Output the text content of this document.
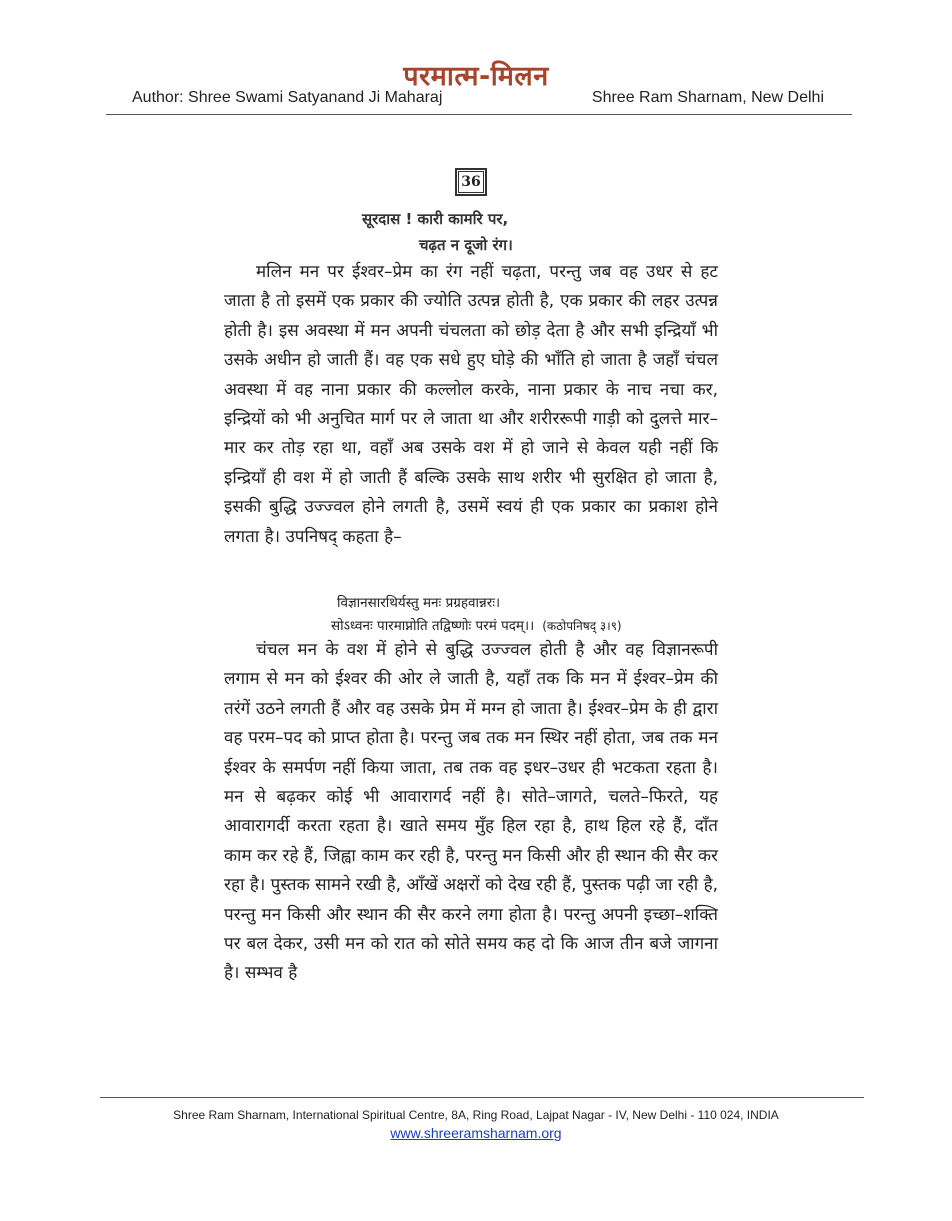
परमात्म-मिलन
Author: Shree Swami Satyanand Ji Maharaj	Shree Ram Sharnam, New Delhi
36
सूरदास ! कारी कामरि पर,
चढ़त न दूजो रंग।

मलिन मन पर ईश्वर–प्रेम का रंग नहीं चढ़ता, परन्तु जब वह उधर से हट जाता है तो इसमें एक प्रकार की ज्योति उत्पन्न होती है, एक प्रकार की लहर उत्पन्न होती है। इस अवस्था में मन अपनी चंचलता को छोड़ देता है और सभी इन्द्रियाँ भी उसके अधीन हो जाती हैं। वह एक सधे हुए घोड़े की भाँति हो जाता है जहाँ चंचल अवस्था में वह नाना प्रकार की कल्लोल करके, नाना प्रकार के नाच नचा कर, इन्द्रियों को भी अनुचित मार्ग पर ले जाता था और शरीररूपी गाड़ी को दुलत्ते मार–मार कर तोड़ रहा था, वहाँ अब उसके वश में हो जाने से केवल यही नहीं कि इन्द्रियाँ ही वश में हो जाती हैं बल्कि उसके साथ शरीर भी सुरक्षित हो जाता है, इसकी बुद्धि उज्ज्वल होने लगती है, उसमें स्वयं ही एक प्रकार का प्रकाश होने लगता है। उपनिषद् कहता है–

विज्ञानसारथिर्यस्तु मनः प्रग्रहवान्नरः।
सोऽध्वनः पारमाप्नोति तद्विष्णोः परमं पदम्।। (कठोपनिषद् ३।९)

चंचल मन के वश में होने से बुद्धि उज्ज्वल होती है और वह विज्ञानरूपी लगाम से मन को ईश्वर की ओर ले जाती है, यहाँ तक कि मन में ईश्वर–प्रेम की तरंगें उठने लगती हैं और वह उसके प्रेम में मग्न हो जाता है। ईश्वर–प्रेम के ही द्वारा वह परम–पद को प्राप्त होता है। परन्तु जब तक मन स्थिर नहीं होता, जब तक मन ईश्वर के समर्पण नहीं किया जाता, तब तक वह इधर–उधर ही भटकता रहता है। मन से बढ़कर कोई भी आवारागर्द नहीं है। सोते–जागते, चलते–फिरते, यह आवारागर्दी करता रहता है। खाते समय मुँह हिल रहा है, हाथ हिल रहे हैं, दाँत काम कर रहे हैं, जिह्वा काम कर रही है, परन्तु मन किसी और ही स्थान की सैर कर रहा है। पुस्तक सामने रखी है, आँखें अक्षरों को देख रही हैं, पुस्तक पढ़ी जा रही है, परन्तु मन किसी और स्थान की सैर करने लगा होता है। परन्तु अपनी इच्छा–शक्ति पर बल देकर, उसी मन को रात को सोते समय कह दो कि आज तीन बजे जागना है। सम्भव है

Shree Ram Sharnam, International Spiritual Centre, 8A, Ring Road, Lajpat Nagar - IV, New Delhi - 110 024, INDIA
www.shreeramsharnam.org
